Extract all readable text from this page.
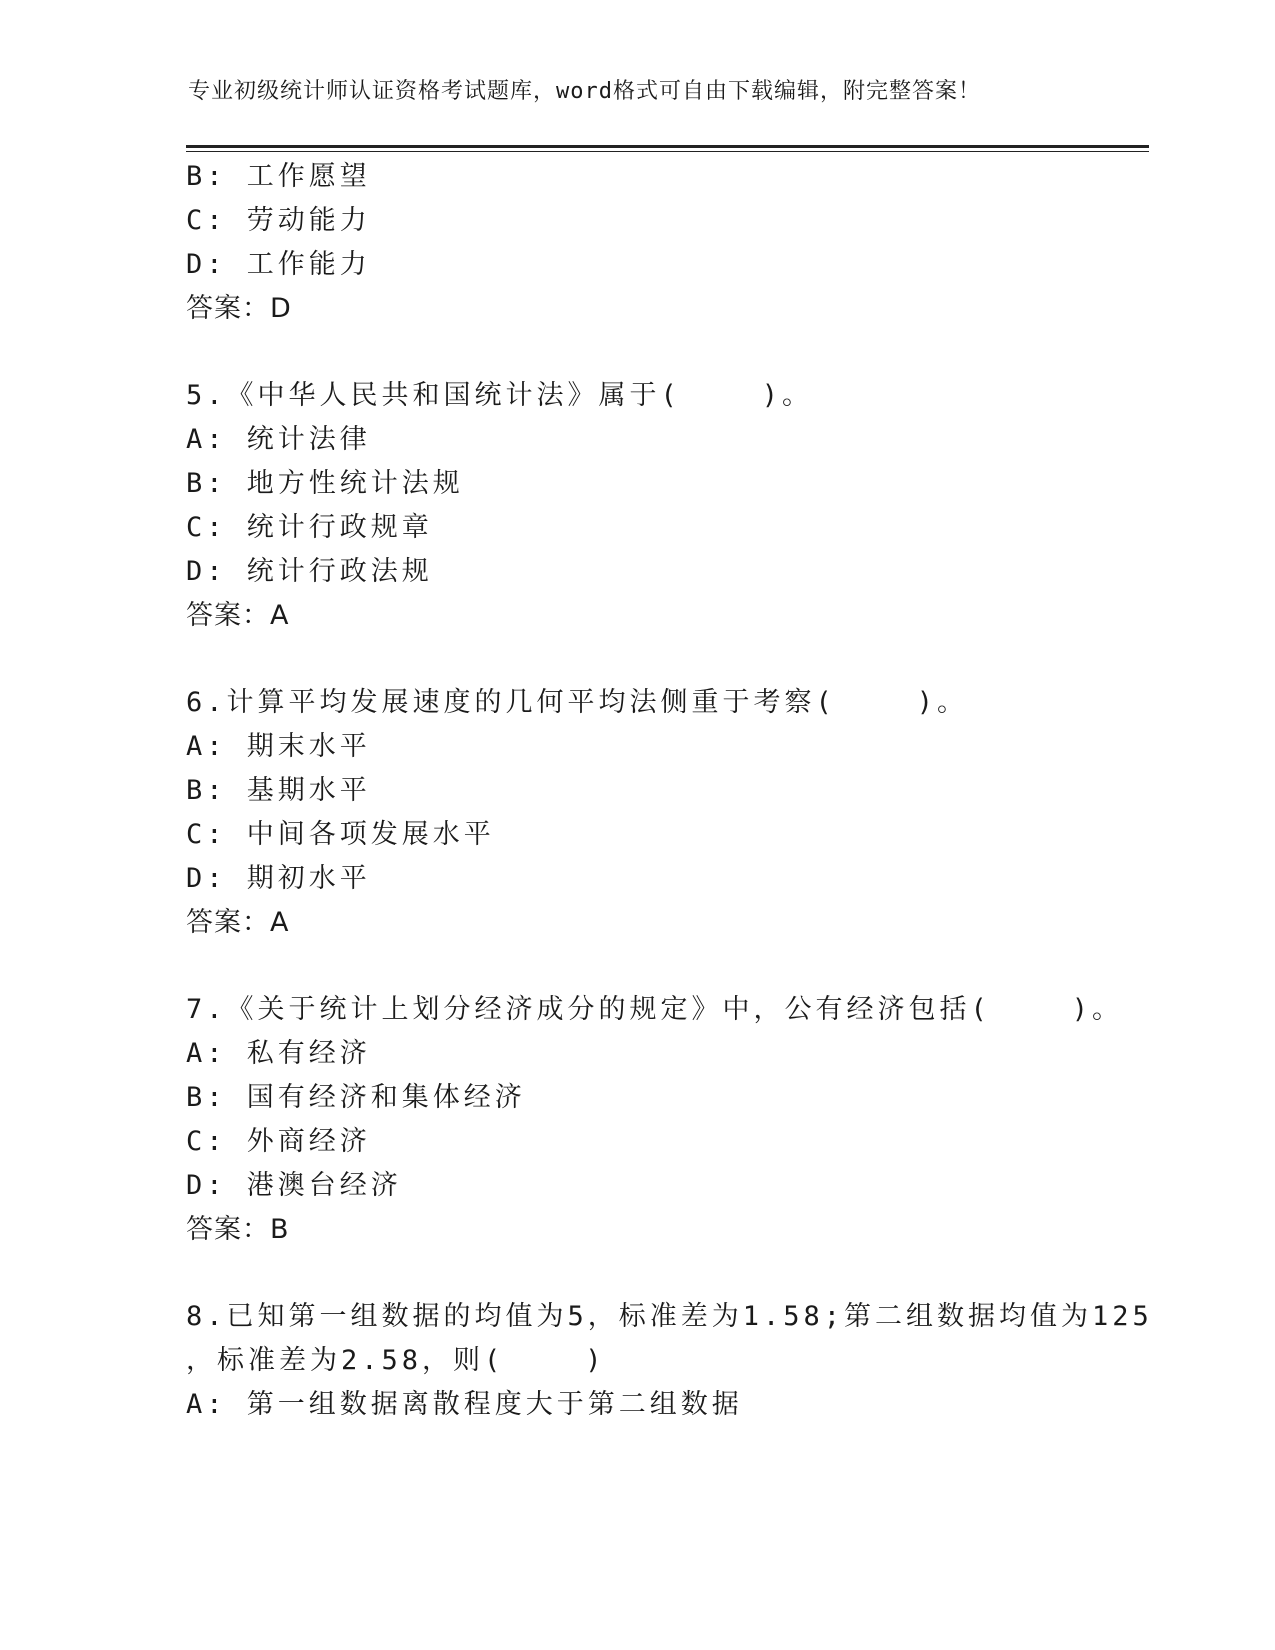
专业初级统计师认证资格考试题库，word格式可自由下载编辑，附完整答案！
B: 工作愿望
C: 劳动能力
D: 工作能力
答案：D
5.《中华人民共和国统计法》属于(    )。
A: 统计法律
B: 地方性统计法规
C: 统计行政规章
D: 统计行政法规
答案：A
6.计算平均发展速度的几何平均法侧重于考察(    )。
A: 期末水平
B: 基期水平
C: 中间各项发展水平
D: 期初水平
答案：A
7.《关于统计上划分经济成分的规定》中，公有经济包括(    )。
A: 私有经济
B: 国有经济和集体经济
C: 外商经济
D: 港澳台经济
答案：B
8.已知第一组数据的均值为5，标准差为1.58;第二组数据均值为125
，标准差为2.58，则(    )
A: 第一组数据离散程度大于第二组数据
